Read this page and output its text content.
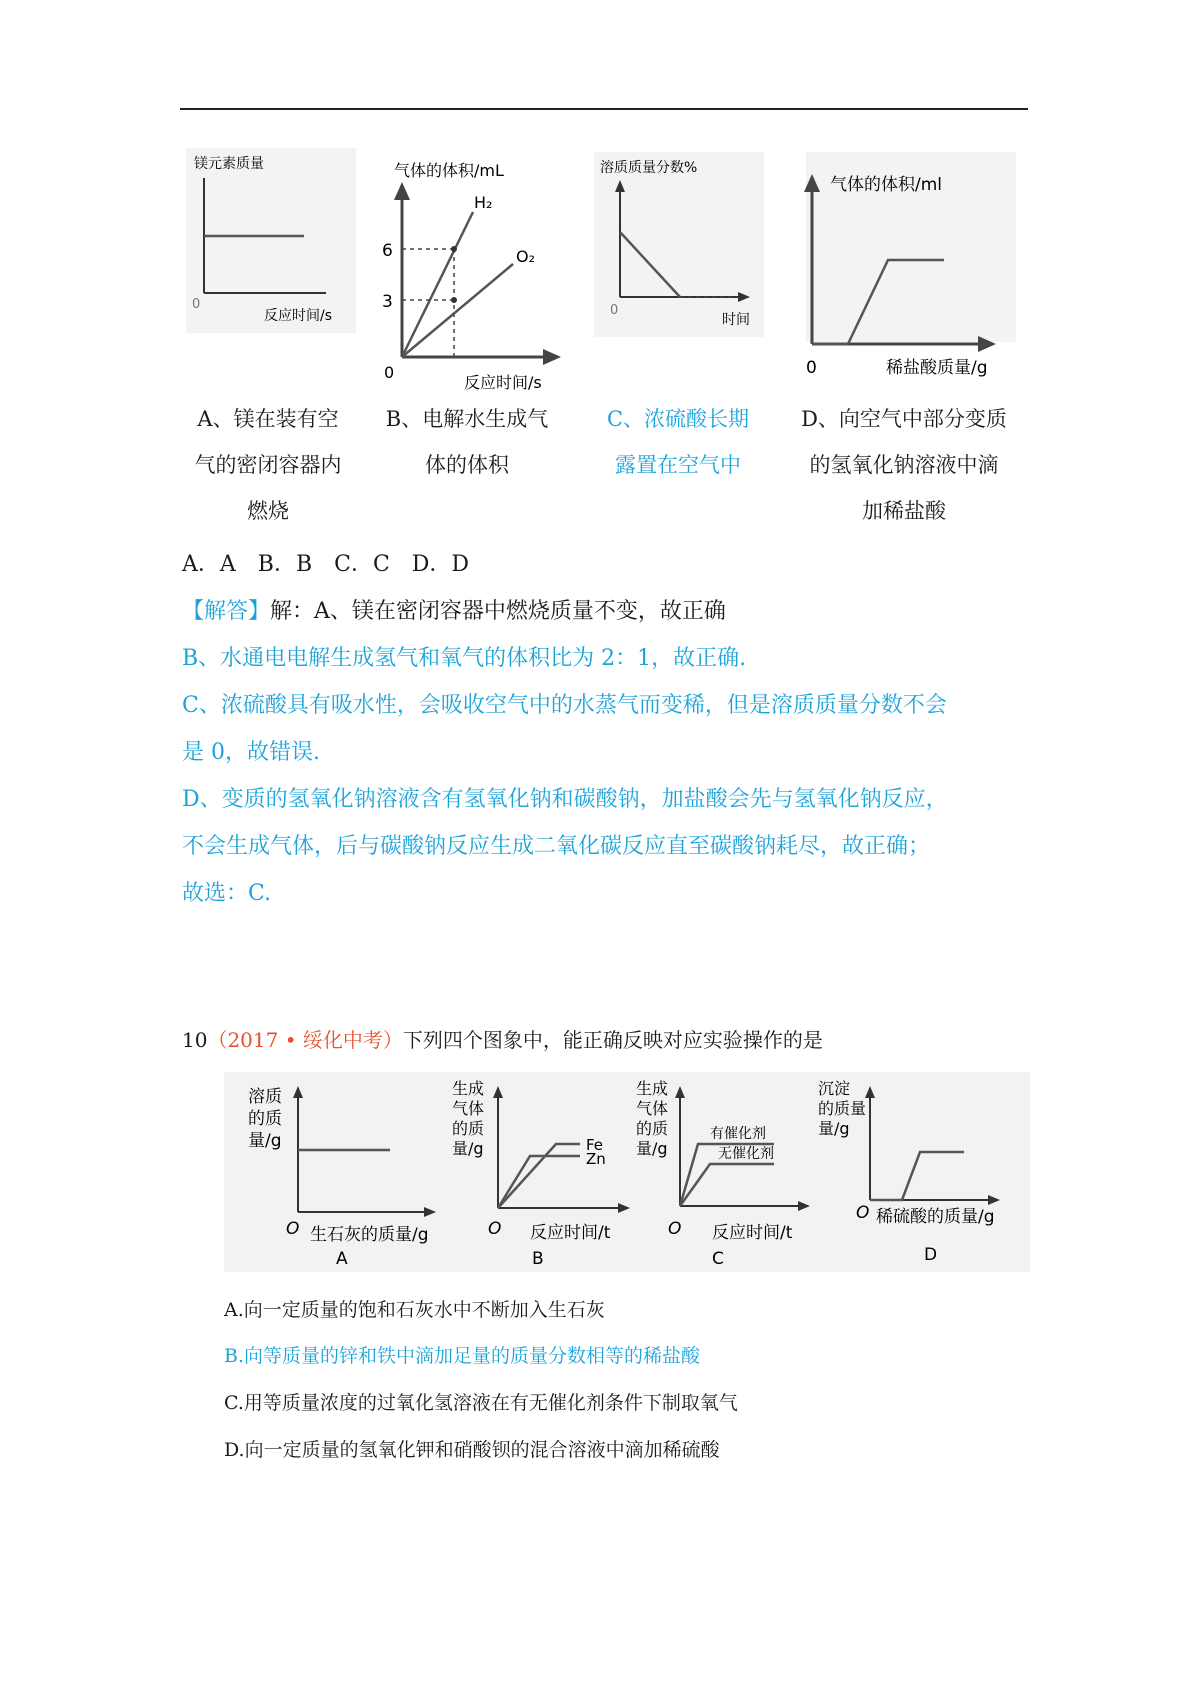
镁元素质量
0
反应时间/s
气体的体积/mL
6
3
H₂
O₂
0
反应时间/s
溶质质量分数%
0
时间
气体的体积/ml
0	稀盐酸质量/g
A、镁在装有空
气的密闭容器内
燃烧
B、电解水生成气
体的体积
C、浓硫酸长期
露置在空气中
D、向空气中部分变质
的氢氧化钠溶液中滴
加稀盐酸
A．A　B．B　C．C　D．D
【解答】解：A、镁在密闭容器中燃烧质量不变，故正确
B、水通电电解生成氢气和氧气的体积比为 2：1，故正确.
C、浓硫酸具有吸水性，会吸收空气中的水蒸气而变稀，但是溶质质量分数不会
是 0，故错误.
D、变质的氢氧化钠溶液含有氢氧化钠和碳酸钠，加盐酸会先与氢氧化钠反应，
不会生成气体，后与碳酸钠反应生成二氧化碳反应直至碳酸钠耗尽，故正确；
故选：C.
10（2017 • 绥化中考）下列四个图象中，能正确反映对应实验操作的是
溶质
的质
量/g
O 生石灰的质量/g
A
生成
气体
的质
量/g	Fe
Zn
O 反应时间/t
B
生成
气体
的质
量/g
有催化剂
无催化剂
O 反应时间/t
C
沉淀
的质量
量/g
O 稀硫酸的质量/g
D
A.向一定质量的饱和石灰水中不断加入生石灰
B.向等质量的锌和铁中滴加足量的质量分数相等的稀盐酸
C.用等质量浓度的过氧化氢溶液在有无催化剂条件下制取氧气
D.向一定质量的氢氧化钾和硝酸钡的混合溶液中滴加稀硫酸
